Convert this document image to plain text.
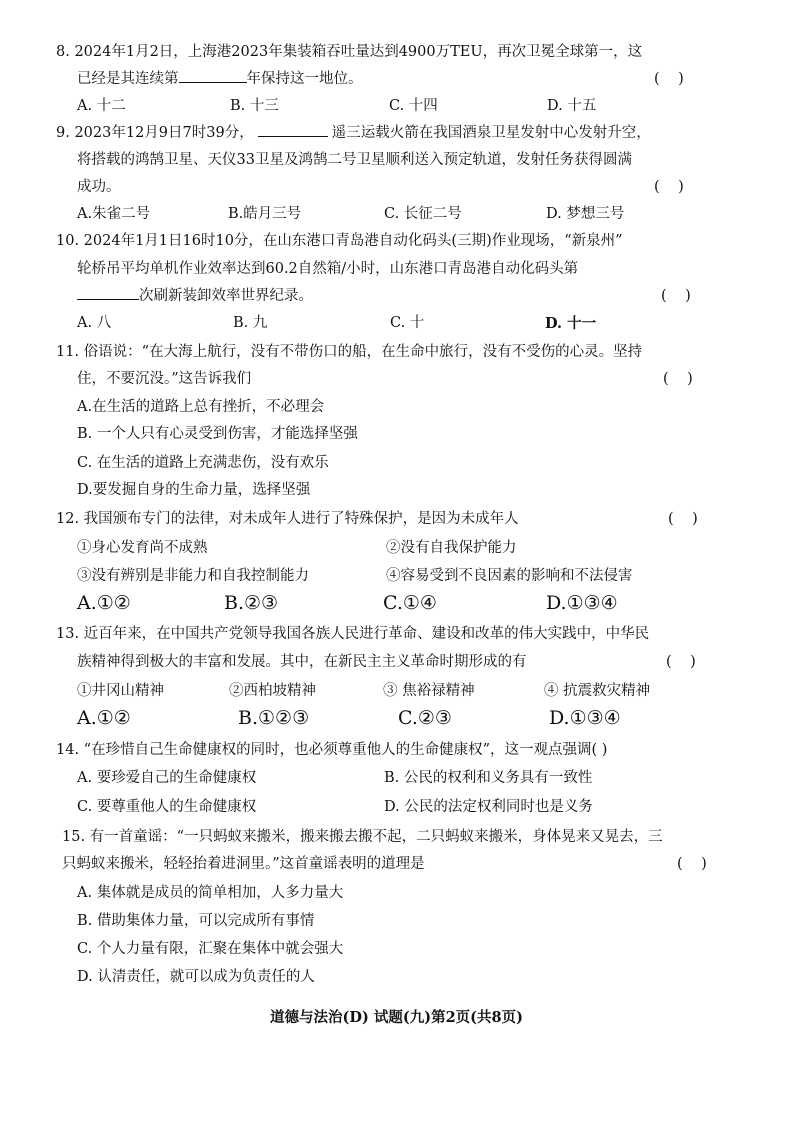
8. 2024年1月2日，上海港2023年集装箱吞吐量达到4900万TEU，再次卫冕全球第一，这
已经是其连续第	年保持这一地位。	(    )
A. 十二	B. 十三	C. 十四	D. 十五
9. 2023年12月9日7时39分，	遥三运载火箭在我国酒泉卫星发射中心发射升空，
将搭载的鸿鹄卫星、天仪33卫星及鸿鹄二号卫星顺利送入预定轨道，发射任务获得圆满
成功。	(    )
A.朱雀二号	B.皓月三号	C. 长征二号	D. 梦想三号
10. 2024年1月1日16时10分，在山东港口青岛港自动化码头(三期)作业现场，“新泉州”
轮桥吊平均单机作业效率达到60.2自然箱/小时，山东港口青岛港自动化码头第
次刷新装卸效率世界纪录。	(    )
A. 八	B. 九	C. 十	D. 十一
11. 俗语说：“在大海上航行，没有不带伤口的船，在生命中旅行，没有不受伤的心灵。坚持
住，不要沉没。”这告诉我们	(    )
A.在生活的道路上总有挫折，不必理会
B. 一个人只有心灵受到伤害，才能选择坚强
C. 在生活的道路上充满悲伤，没有欢乐
D.要发掘自身的生命力量，选择坚强
12. 我国颁布专门的法律，对未成年人进行了特殊保护，是因为未成年人	(    )
①身心发育尚不成熟	②没有自我保护能力
③没有辨别是非能力和自我控制能力	④容易受到不良因素的影响和不法侵害
A.①②	B.②③	C.①④	D.①③④
13. 近百年来，在中国共产党领导我国各族人民进行革命、建设和改革的伟大实践中，中华民
族精神得到极大的丰富和发展。其中，在新民主主义革命时期形成的有	(    )
①井冈山精神	②西柏坡精神	③ 焦裕禄精神	④ 抗震救灾精神
A.①②	B.①②③	C.②③	D.①③④
14. “在珍惜自己生命健康权的同时，也必须尊重他人的生命健康权”，这一观点强调( )
A. 要珍爱自己的生命健康权	B. 公民的权利和义务具有一致性
C. 要尊重他人的生命健康权	D. 公民的法定权利同时也是义务
15. 有一首童谣：“一只蚂蚁来搬米，搬来搬去搬不起，二只蚂蚁来搬米，身体晃来又晃去，三
只蚂蚁来搬米，轻轻抬着进洞里。”这首童谣表明的道理是	(    )
A. 集体就是成员的简单相加，人多力量大
B. 借助集体力量，可以完成所有事情
C. 个人力量有限，汇聚在集体中就会强大
D. 认清责任，就可以成为负责任的人
道德与法治(D) 试题(九)第2页(共8页)
